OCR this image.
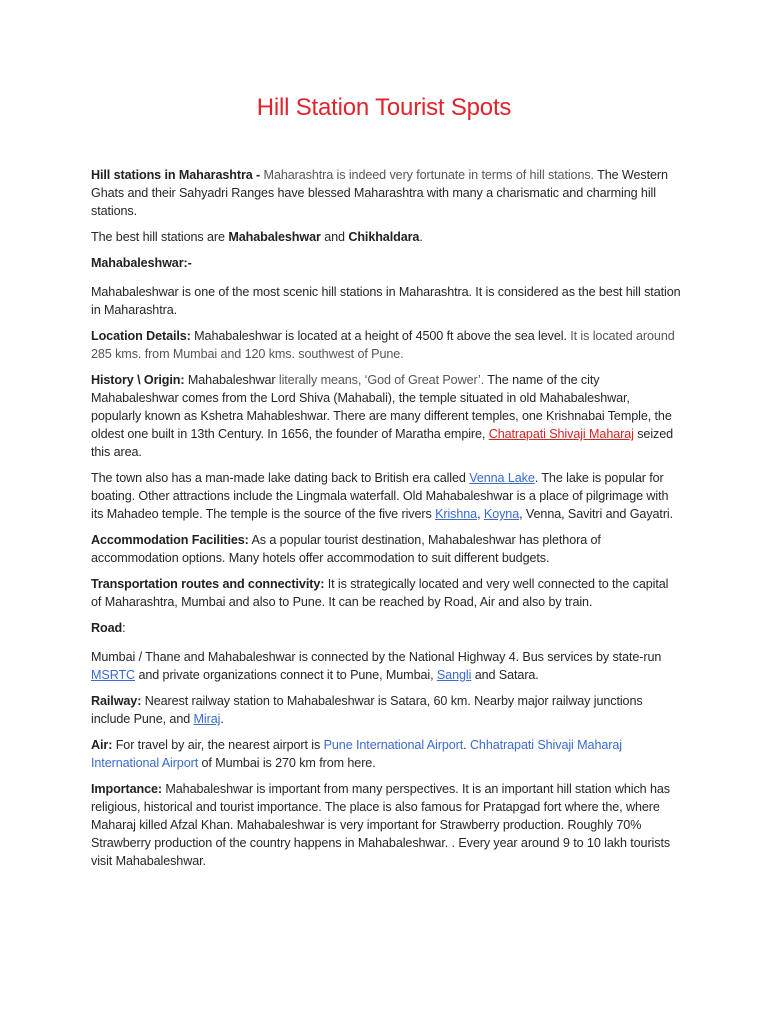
Hill Station Tourist Spots

Hill stations in Maharashtra - Maharashtra is indeed very fortunate in terms of hill stations. The Western Ghats and their Sahyadri Ranges have blessed Maharashtra with many a charismatic and charming hill stations.

The best hill stations are Mahabaleshwar and Chikhaldara.

Mahabaleshwar:-

Mahabaleshwar is one of the most scenic hill stations in Maharashtra. It is considered as the best hill station in Maharashtra.

Location Details: Mahabaleshwar is located at a height of 4500 ft above the sea level. It is located around 285 kms. from Mumbai and 120 kms. southwest of Pune.

History \ Origin: Mahabaleshwar literally means, ‘God of Great Power’. The name of the city Mahabaleshwar comes from the Lord Shiva (Mahabali), the temple situated in old Mahabaleshwar, popularly known as Kshetra Mahableshwar. There are many different temples, one Krishnabai Temple, the oldest one built in 13th Century. In 1656, the founder of Maratha empire, Chatrapati Shivaji Maharaj seized this area.

The town also has a man-made lake dating back to British era called Venna Lake. The lake is popular for boating. Other attractions include the Lingmala waterfall. Old Mahabaleshwar is a place of pilgrimage with its Mahadeo temple. The temple is the source of the five rivers Krishna, Koyna, Venna, Savitri and Gayatri.

Accommodation Facilities: As a popular tourist destination, Mahabaleshwar has plethora of accommodation options. Many hotels offer accommodation to suit different budgets.

Transportation routes and connectivity: It is strategically located and very well connected to the capital of Maharashtra, Mumbai and also to Pune. It can be reached by Road, Air and also by train.

Road:

Mumbai / Thane and Mahabaleshwar is connected by the National Highway 4. Bus services by state-run MSRTC and private organizations connect it to Pune, Mumbai, Sangli and Satara.

Railway: Nearest railway station to Mahabaleshwar is Satara, 60 km. Nearby major railway junctions include Pune, and Miraj.

Air: For travel by air, the nearest airport is Pune International Airport. Chhatrapati Shivaji Maharaj International Airport of Mumbai is 270 km from here.

Importance: Mahabaleshwar is important from many perspectives. It is an important hill station which has religious, historical and tourist importance. The place is also famous for Pratapgad fort where the, where Maharaj killed Afzal Khan. Mahabaleshwar is very important for Strawberry production. Roughly 70% Strawberry production of the country happens in Mahabaleshwar. . Every year around 9 to 10 lakh tourists visit Mahabaleshwar.
